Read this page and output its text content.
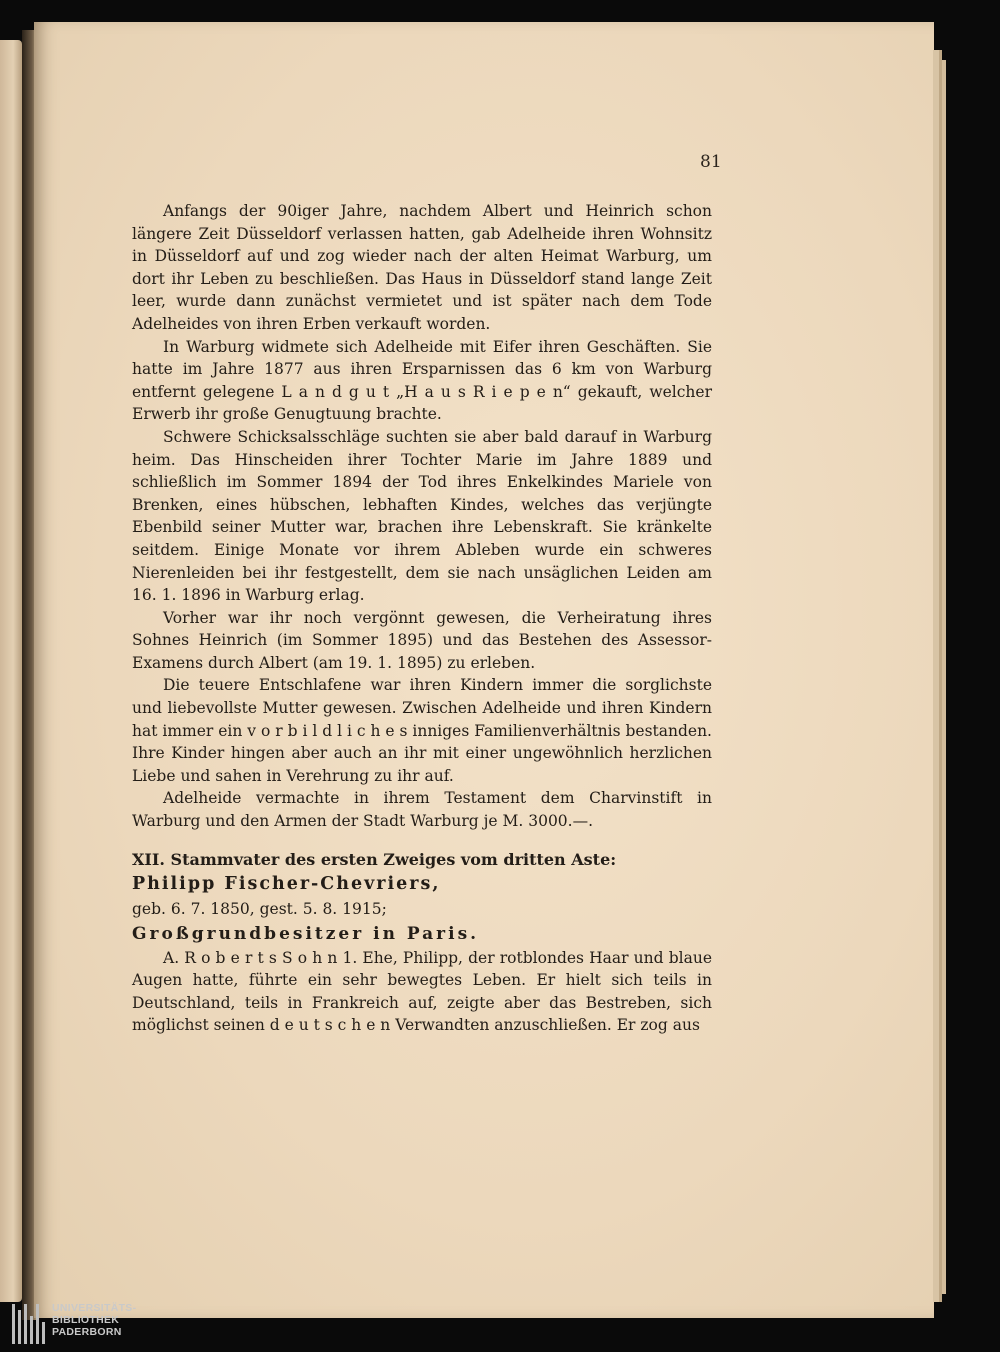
81

Anfangs der 90iger Jahre, nachdem Albert und Heinrich schon längere Zeit Düsseldorf verlassen hatten, gab Adelheide ihren Wohnsitz in Düsseldorf auf und zog wieder nach der alten Heimat Warburg, um dort ihr Leben zu beschließen. Das Haus in Düsseldorf stand lange Zeit leer, wurde dann zunächst vermietet und ist später nach dem Tode Adelheides von ihren Erben verkauft worden.

In Warburg widmete sich Adelheide mit Eifer ihren Geschäften. Sie hatte im Jahre 1877 aus ihren Ersparnissen das 6 km von Warburg entfernt gelegene L a n d g u t „H a u s R i e p e n“ gekauft, welcher Erwerb ihr große Genugtuung brachte.

Schwere Schicksalsschläge suchten sie aber bald darauf in Warburg heim. Das Hinscheiden ihrer Tochter Marie im Jahre 1889 und schließlich im Sommer 1894 der Tod ihres Enkelkindes Mariele von Brenken, eines hübschen, lebhaften Kindes, welches das verjüngte Ebenbild seiner Mutter war, brachen ihre Lebenskraft. Sie kränkelte seitdem. Einige Monate vor ihrem Ableben wurde ein schweres Nierenleiden bei ihr festgestellt, dem sie nach unsäglichen Leiden am 16. 1. 1896 in Warburg erlag.

Vorher war ihr noch vergönnt gewesen, die Verheiratung ihres Sohnes Heinrich (im Sommer 1895) und das Bestehen des Assessor-Examens durch Albert (am 19. 1. 1895) zu erleben.

Die teuere Entschlafene war ihren Kindern immer die sorglichste und liebevollste Mutter gewesen. Zwischen Adelheide und ihren Kindern hat immer ein v o r b i l d l i c h e s inniges Familienverhältnis bestanden. Ihre Kinder hingen aber auch an ihr mit einer ungewöhnlich herzlichen Liebe und sahen in Verehrung zu ihr auf.

Adelheide vermachte in ihrem Testament dem Charvinstift in Warburg und den Armen der Stadt Warburg je M. 3000.—.

XII. Stammvater des ersten Zweiges vom dritten Aste:

Philipp Fischer-Chevriers,

geb. 6. 7. 1850, gest. 5. 8. 1915;

Großgrundbesitzer in Paris.

A. R o b e r t s S o h n 1. Ehe, Philipp, der rotblondes Haar und blaue Augen hatte, führte ein sehr bewegtes Leben. Er hielt sich teils in Deutschland, teils in Frankreich auf, zeigte aber das Bestreben, sich möglichst seinen d e u t s c h e n Verwandten anzuschließen. Er zog aus

UNIVERSITÄTS-
BIBLIOTHEK
PADERBORN
